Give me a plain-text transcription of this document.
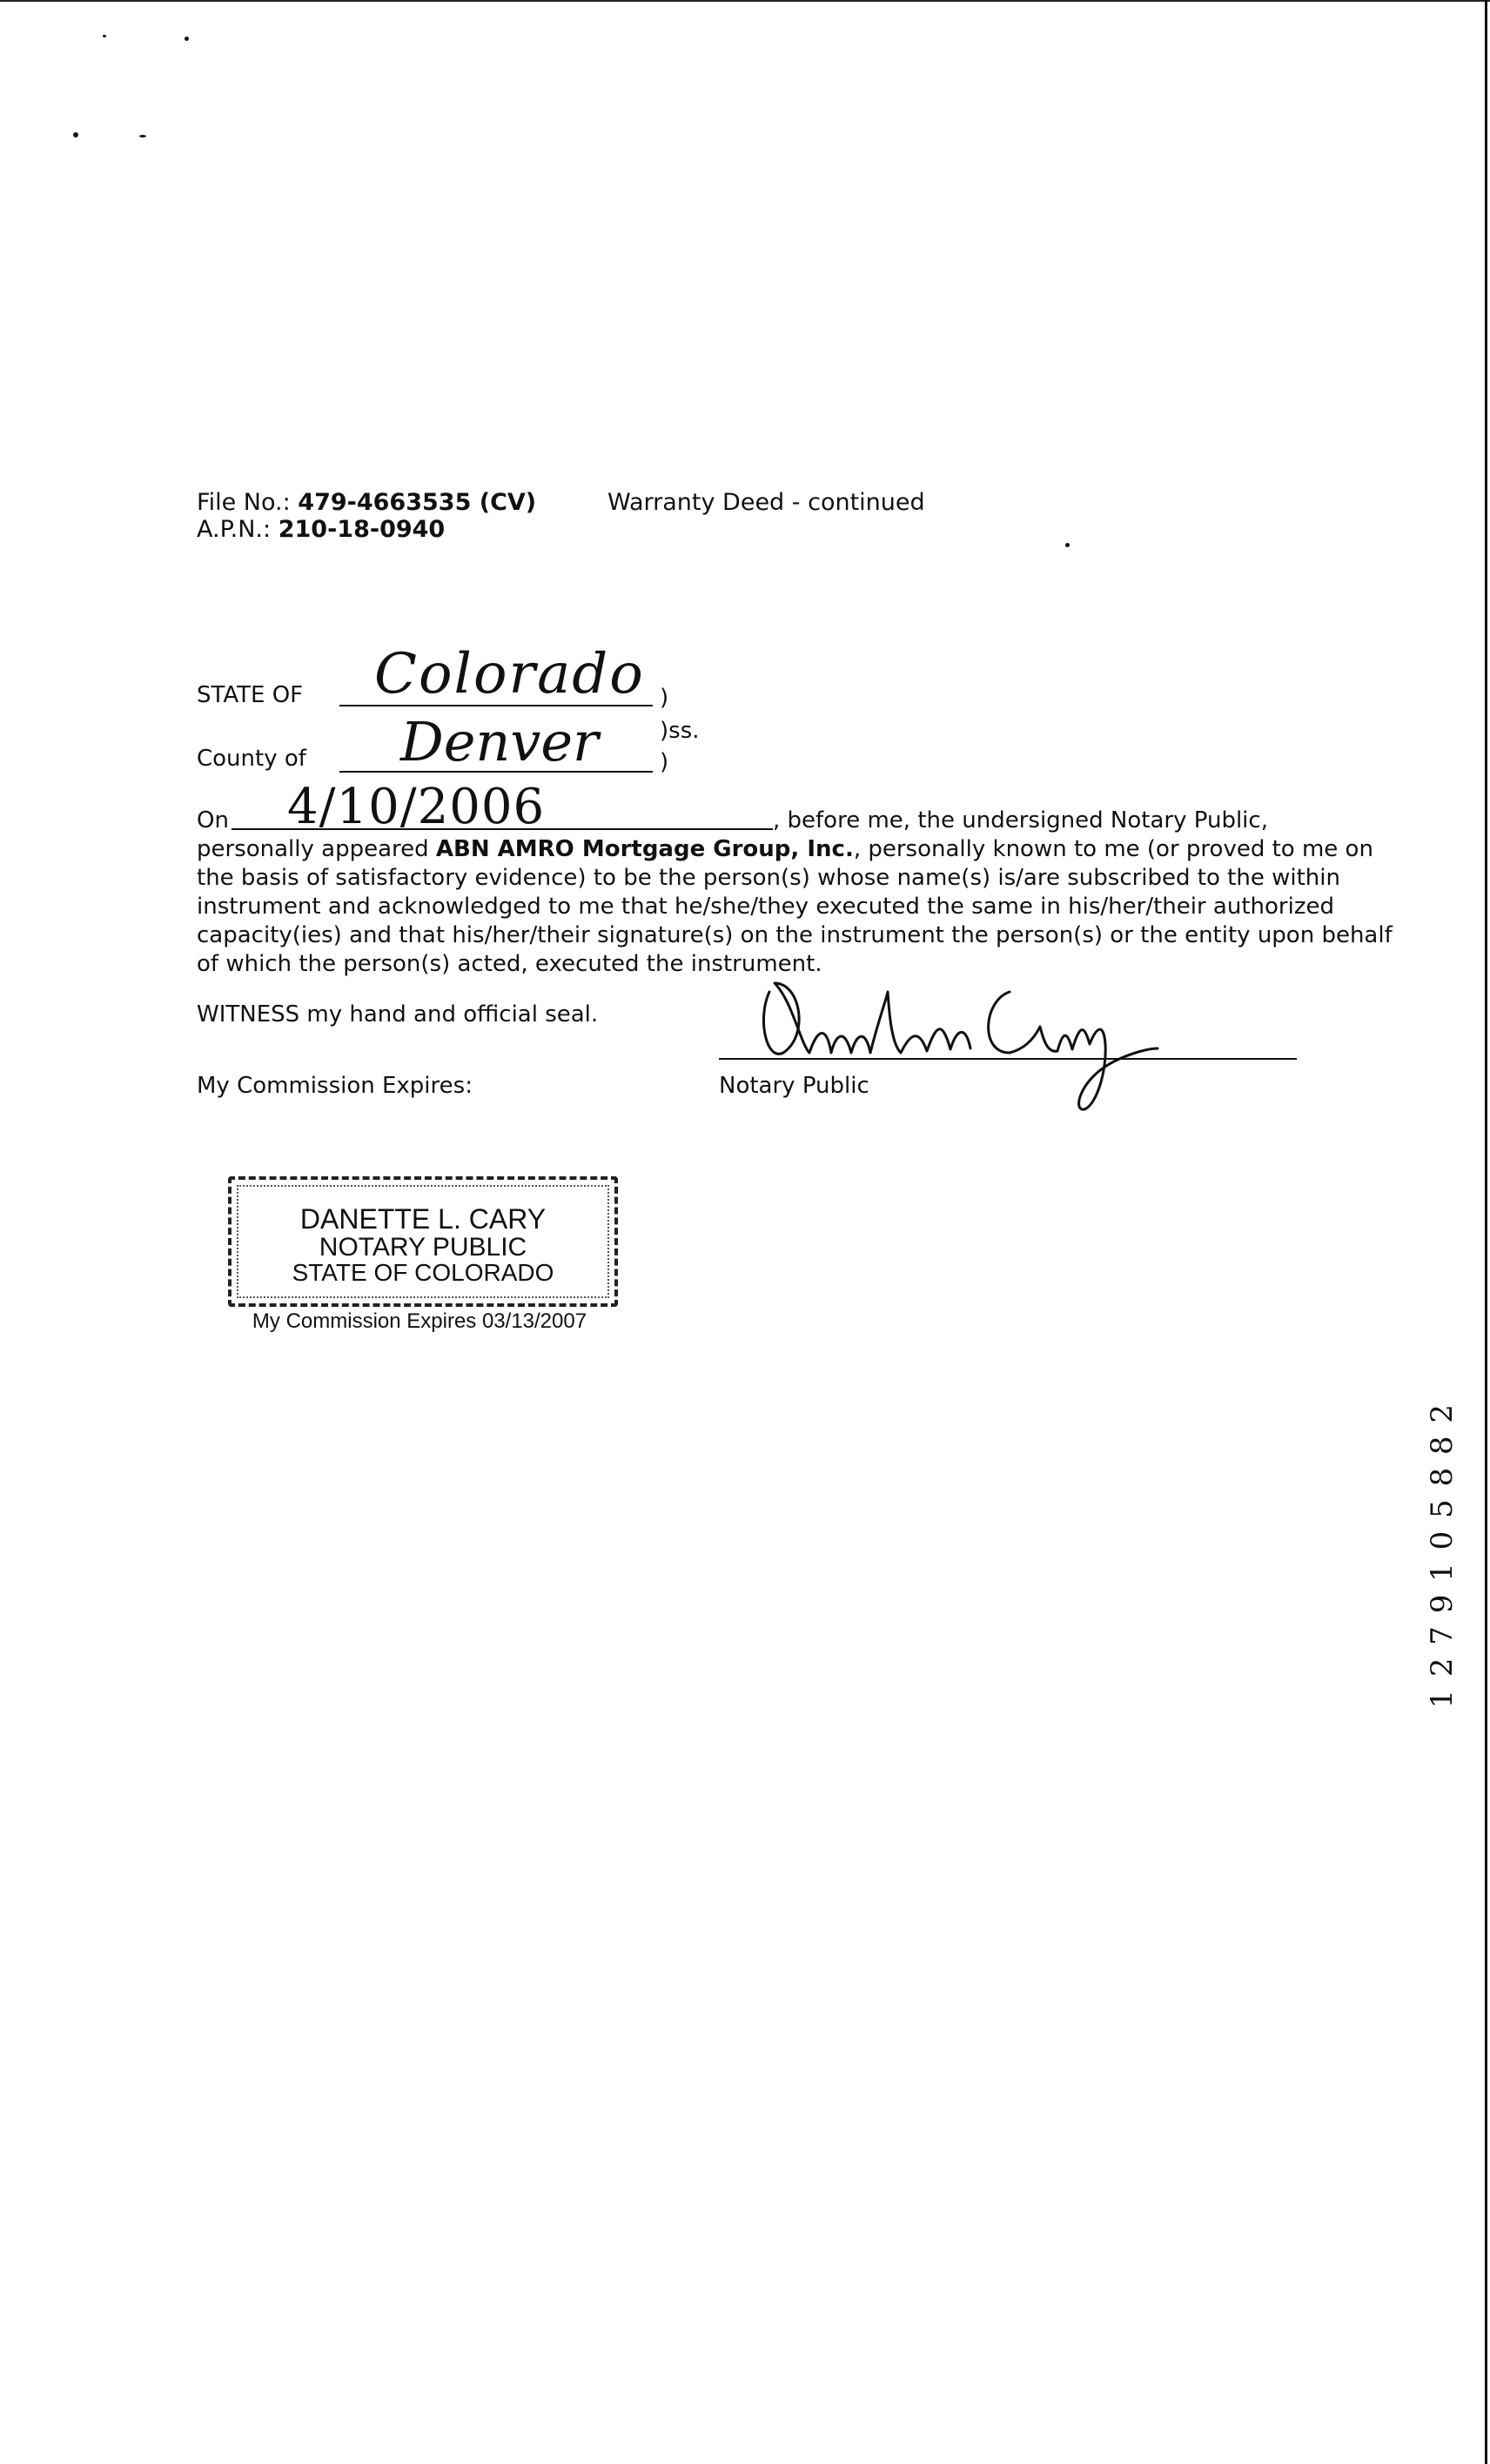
File No.: 479-4663535 (CV)
A.P.N.: 210-18-0940
Warranty Deed - continued
STATE OF Colorado )
)ss.
County of Denver	)
On 4/10/2006	, before me, the undersigned Notary Public,
personally appeared ABN AMRO Mortgage Group, Inc., personally known to me (or proved to me on
the basis of satisfactory evidence) to be the person(s) whose name(s) is/are subscribed to the within
instrument and acknowledged to me that he/she/they executed the same in his/her/their authorized
capacity(ies) and that his/her/their signature(s) on the instrument the person(s) or the entity upon behalf
of which the person(s) acted, executed the instrument.
WITNESS my hand and official seal.
My Commission Expires:	Notary Public
DANETTE L. CARY
NOTARY PUBLIC
STATE OF COLORADO
My Commission Expires 03/13/2007
1 2 7 9 1 0 5 8 8 2
